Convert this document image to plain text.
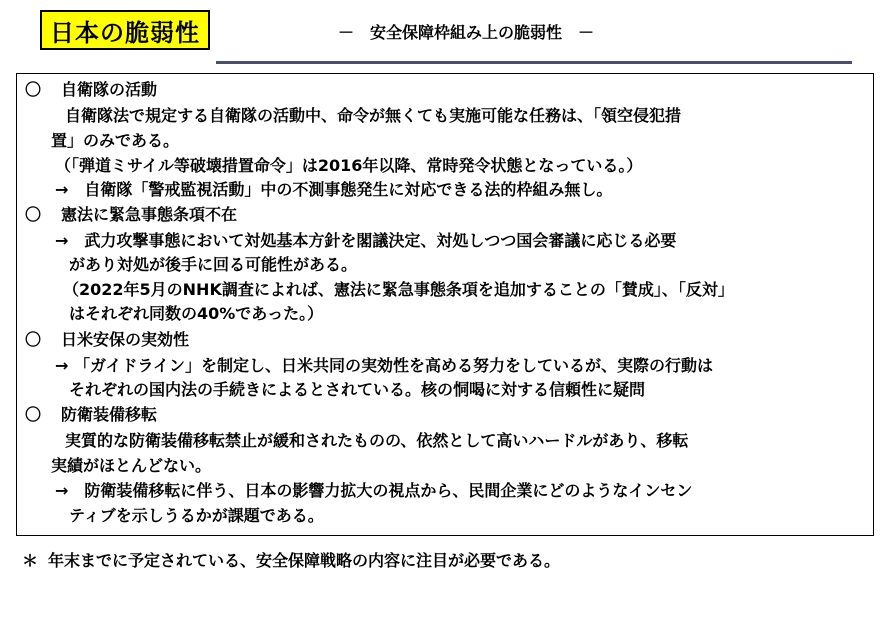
日本の脆弱性	－　安全保障枠組み上の脆弱性　－
〇 自衛隊の活動
自衛隊法で規定する自衛隊の活動中、命令が無くても実施可能な任務は、「領空侵犯措
置」のみである。
（「弾道ミサイル等破壊措置命令」は2016年以降、常時発令状態となっている。）
→　自衛隊「警戒監視活動」中の不測事態発生に対応できる法的枠組み無し。
〇 憲法に緊急事態条項不在
→　武力攻撃事態において対処基本方針を閣議決定、対処しつつ国会審議に応じる必要
があり対処が後手に回る可能性がある。
（2022年5月のNHK調査によれば、憲法に緊急事態条項を追加することの「賛成」、「反対」
はそれぞれ同数の40%であった。）
〇 日米安保の実効性
→ 「ガイドライン」を制定し、日米共同の実効性を高める努力をしているが、実際の行動は
それぞれの国内法の手続きによるとされている。核の恫喝に対する信頼性に疑問
〇 防衛装備移転
実質的な防衛装備移転禁止が緩和されたものの、依然として高いハードルがあり、移転
実績がほとんどない。
→　防衛装備移転に伴う、日本の影響力拡大の視点から、民間企業にどのようなインセン
ティブを示しうるかが課題である。
＊ 年末までに予定されている、安全保障戦略の内容に注目が必要である。
